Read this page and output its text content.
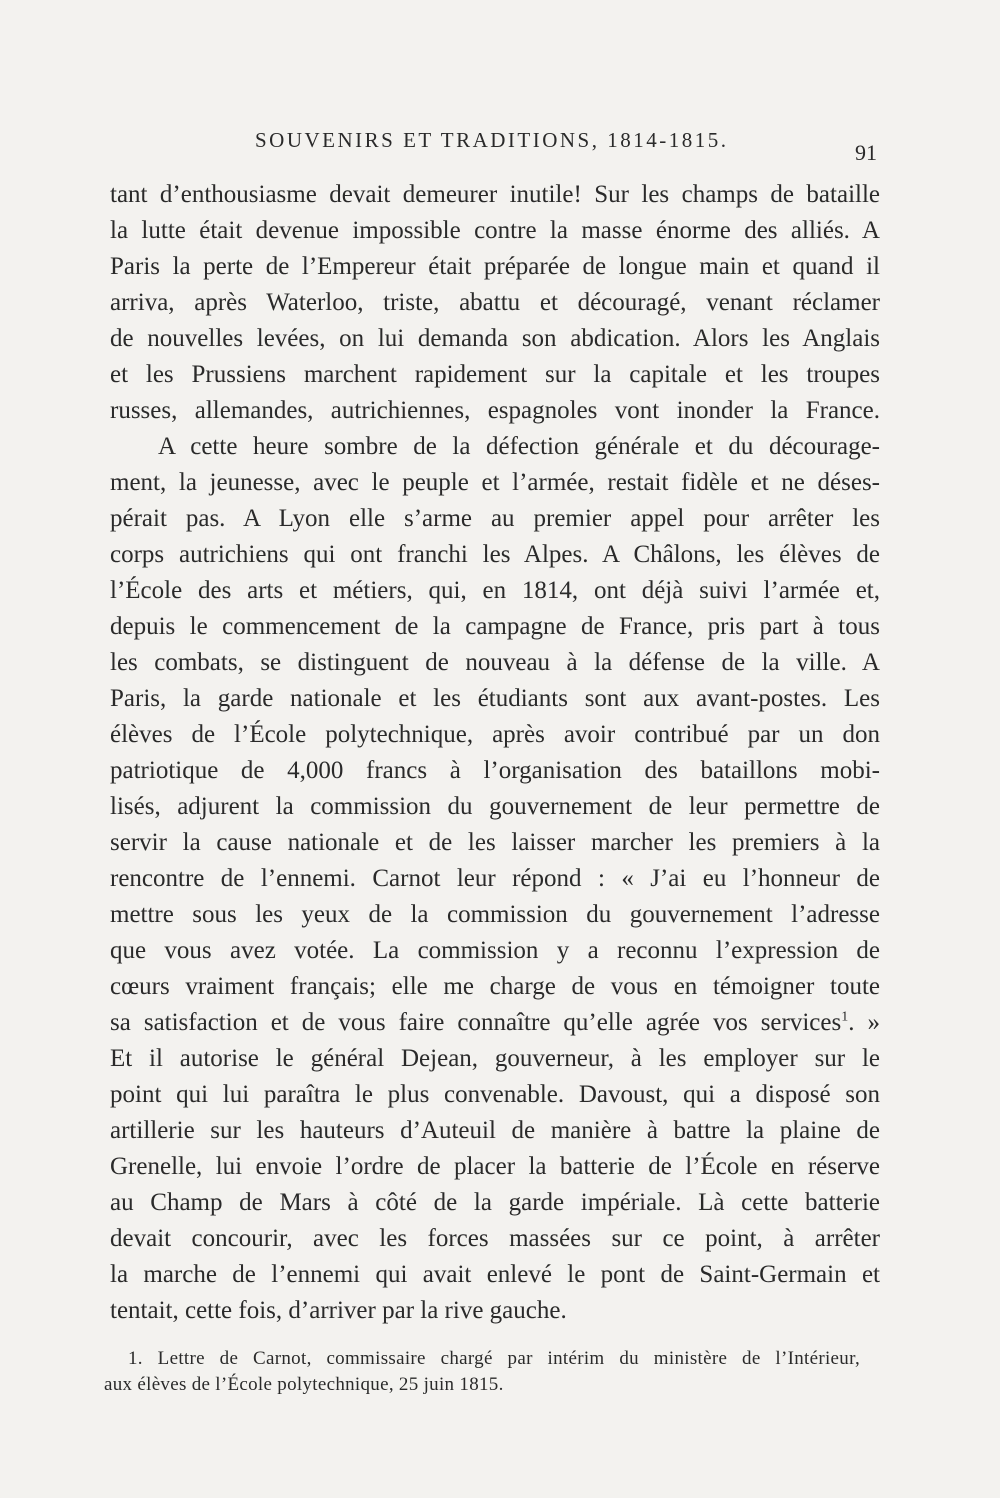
SOUVENIRS ET TRADITIONS, 1814-1815.	91
tant d’enthousiasme devait demeurer inutile! Sur les champs de bataille
la lutte était devenue impossible contre la masse énorme des alliés. A
Paris la perte de l’Empereur était préparée de longue main et quand il
arriva, après Waterloo, triste, abattu et découragé, venant réclamer
de nouvelles levées, on lui demanda son abdication. Alors les Anglais
et les Prussiens marchent rapidement sur la capitale et les troupes
russes, allemandes, autrichiennes, espagnoles vont inonder la France.
A cette heure sombre de la défection générale et du décourage-
ment, la jeunesse, avec le peuple et l’armée, restait fidèle et ne déses-
pérait pas. A Lyon elle s’arme au premier appel pour arrêter les
corps autrichiens qui ont franchi les Alpes. A Châlons, les élèves de
l’École des arts et métiers, qui, en 1814, ont déjà suivi l’armée et,
depuis le commencement de la campagne de France, pris part à tous
les combats, se distinguent de nouveau à la défense de la ville. A
Paris, la garde nationale et les étudiants sont aux avant-postes. Les
élèves de l’École polytechnique, après avoir contribué par un don
patriotique de 4,000 francs à l’organisation des bataillons mobi-
lisés, adjurent la commission du gouvernement de leur permettre de
servir la cause nationale et de les laisser marcher les premiers à la
rencontre de l’ennemi. Carnot leur répond : « J’ai eu l’honneur de
mettre sous les yeux de la commission du gouvernement l’adresse
que vous avez votée. La commission y a reconnu l’expression de
cœurs vraiment français; elle me charge de vous en témoigner toute
sa satisfaction et de vous faire connaître qu’elle agrée vos services$^1$. »
Et il autorise le général Dejean, gouverneur, à les employer sur le
point qui lui paraîtra le plus convenable. Davoust, qui a disposé son
artillerie sur les hauteurs d’Auteuil de manière à battre la plaine de
Grenelle, lui envoie l’ordre de placer la batterie de l’École en réserve
au Champ de Mars à côté de la garde impériale. Là cette batterie
devait concourir, avec les forces massées sur ce point, à arrêter
la marche de l’ennemi qui avait enlevé le pont de Saint-Germain et
tentait, cette fois, d’arriver par la rive gauche.
1. Lettre de Carnot, commissaire chargé par intérim du ministère de l’Intérieur,
aux élèves de l’École polytechnique, 25 juin 1815.
